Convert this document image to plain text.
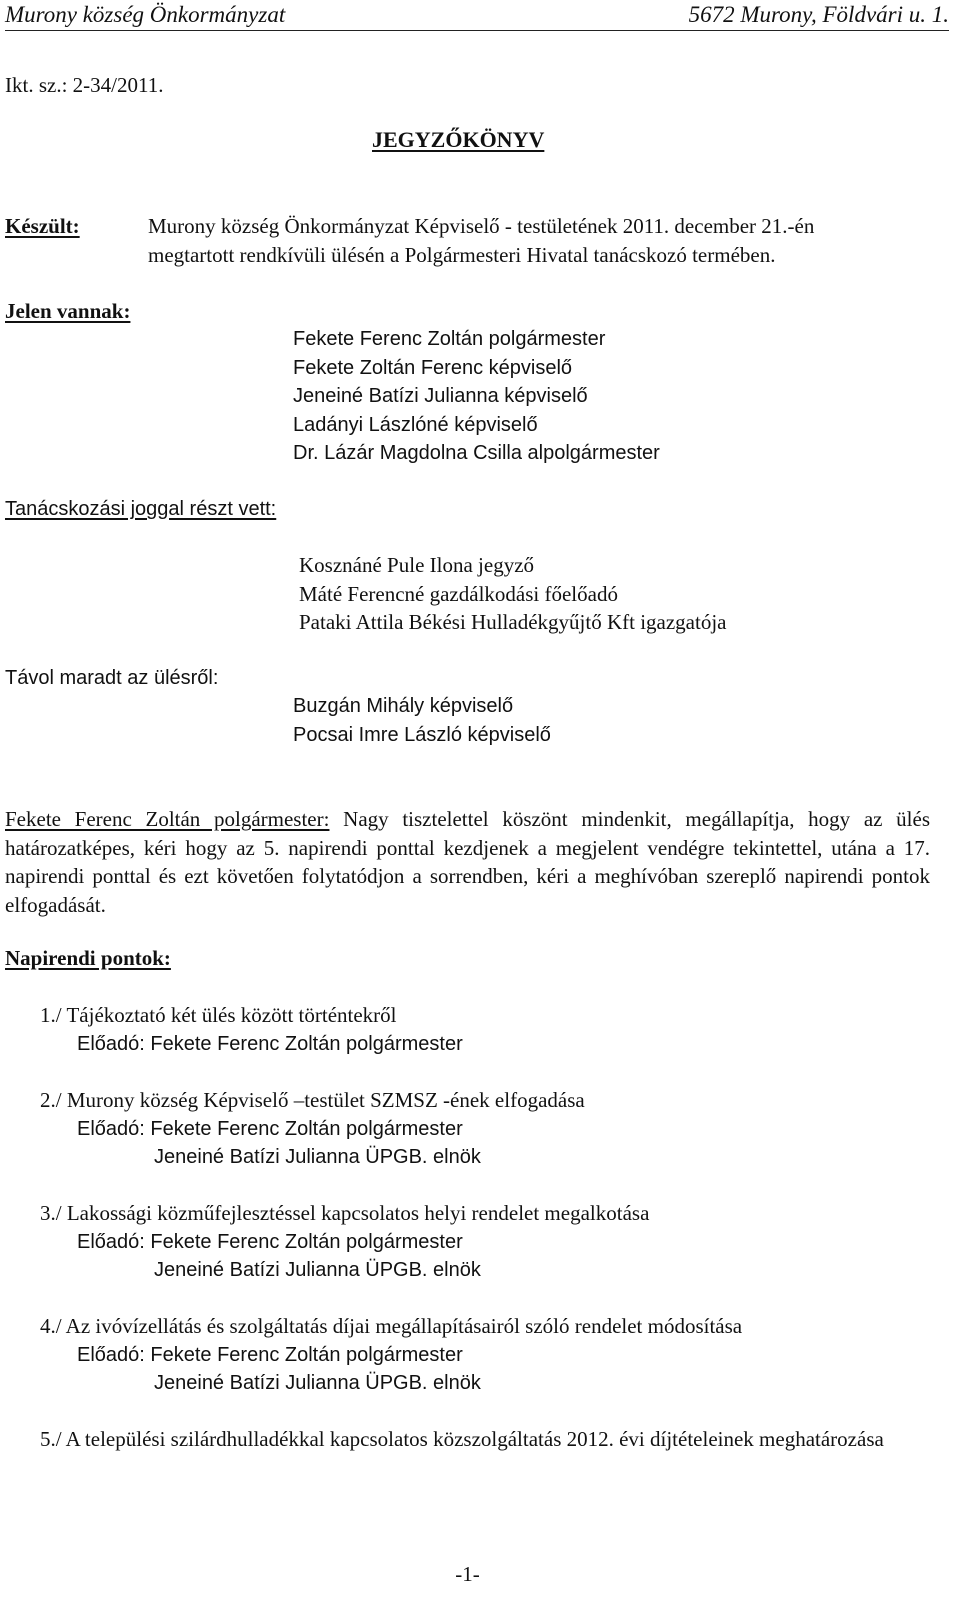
Murony község Önkormányzat	5672 Murony, Földvári u. 1.
Ikt. sz.: 2-34/2011.
JEGYZŐKÖNYV
Készült:	Murony község Önkormányzat Képviselő - testületének 2011. december 21.-én
megtartott rendkívüli ülésén a Polgármesteri Hivatal tanácskozó termében.
Jelen vannak:
Fekete Ferenc Zoltán polgármester
Fekete Zoltán Ferenc képviselő
Jeneiné Batízi Julianna képviselő
Ladányi Lászlóné képviselő
Dr. Lázár Magdolna Csilla alpolgármester
Tanácskozási joggal részt vett:
Kosznáné Pule Ilona jegyző
Máté Ferencné gazdálkodási főelőadó
Pataki Attila Békési Hulladékgyűjtő Kft igazgatója
Távol maradt az ülésről:
Buzgán Mihály képviselő
Pocsai Imre László képviselő
Fekete Ferenc Zoltán polgármester: Nagy tisztelettel köszönt mindenkit, megállapítja, hogy az ülés határozatképes, kéri hogy az 5. napirendi ponttal kezdjenek a megjelent vendégre tekintettel, utána a 17. napirendi ponttal és ezt követően folytatódjon a sorrendben, kéri a meghívóban szereplő napirendi pontok elfogadását.
Napirendi pontok:
1./ Tájékoztató két ülés között történtekről
Előadó: Fekete Ferenc Zoltán polgármester
2./ Murony község Képviselő –testület SZMSZ -ének elfogadása
Előadó: Fekete Ferenc Zoltán polgármester
Jeneiné Batízi Julianna ÜPGB. elnök
3./ Lakossági közműfejlesztéssel kapcsolatos helyi rendelet megalkotása
Előadó: Fekete Ferenc Zoltán polgármester
Jeneiné Batízi Julianna ÜPGB. elnök
4./ Az ivóvízellátás és szolgáltatás díjai megállapításairól szóló rendelet módosítása
Előadó: Fekete Ferenc Zoltán polgármester
Jeneiné Batízi Julianna ÜPGB. elnök
5./ A települési szilárdhulladékkal kapcsolatos közszolgáltatás 2012. évi díjtételeinek meghatározása
-1-
